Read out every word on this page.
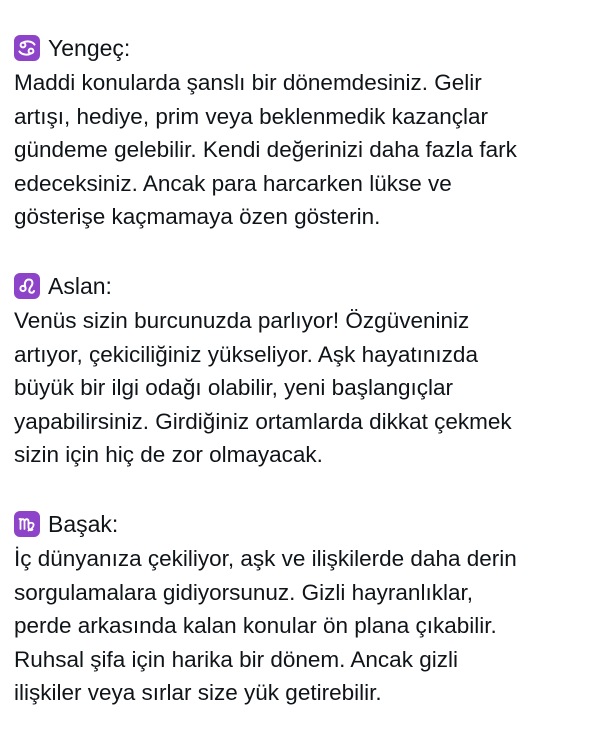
Yengeç:

Maddi konularda şanslı bir dönemdesiniz. Gelir
artışı, hediye, prim veya beklenmedik kazançlar
gündeme gelebilir. Kendi değerinizi daha fazla fark
edeceksiniz. Ancak para harcarken lükse ve
gösterişe kaçmamaya özen gösterin.

Aslan:

Venüs sizin burcunuzda parlıyor! Özgüveniniz
artıyor, çekiciliğiniz yükseliyor. Aşk hayatınızda
büyük bir ilgi odağı olabilir, yeni başlangıçlar
yapabilirsiniz. Girdiğiniz ortamlarda dikkat çekmek
sizin için hiç de zor olmayacak.

Başak:

İç dünyanıza çekiliyor, aşk ve ilişkilerde daha derin
sorgulamalara gidiyorsunuz. Gizli hayranlıklar,
perde arkasında kalan konular ön plana çıkabilir.
Ruhsal şifa için harika bir dönem. Ancak gizli
ilişkiler veya sırlar size yük getirebilir.
